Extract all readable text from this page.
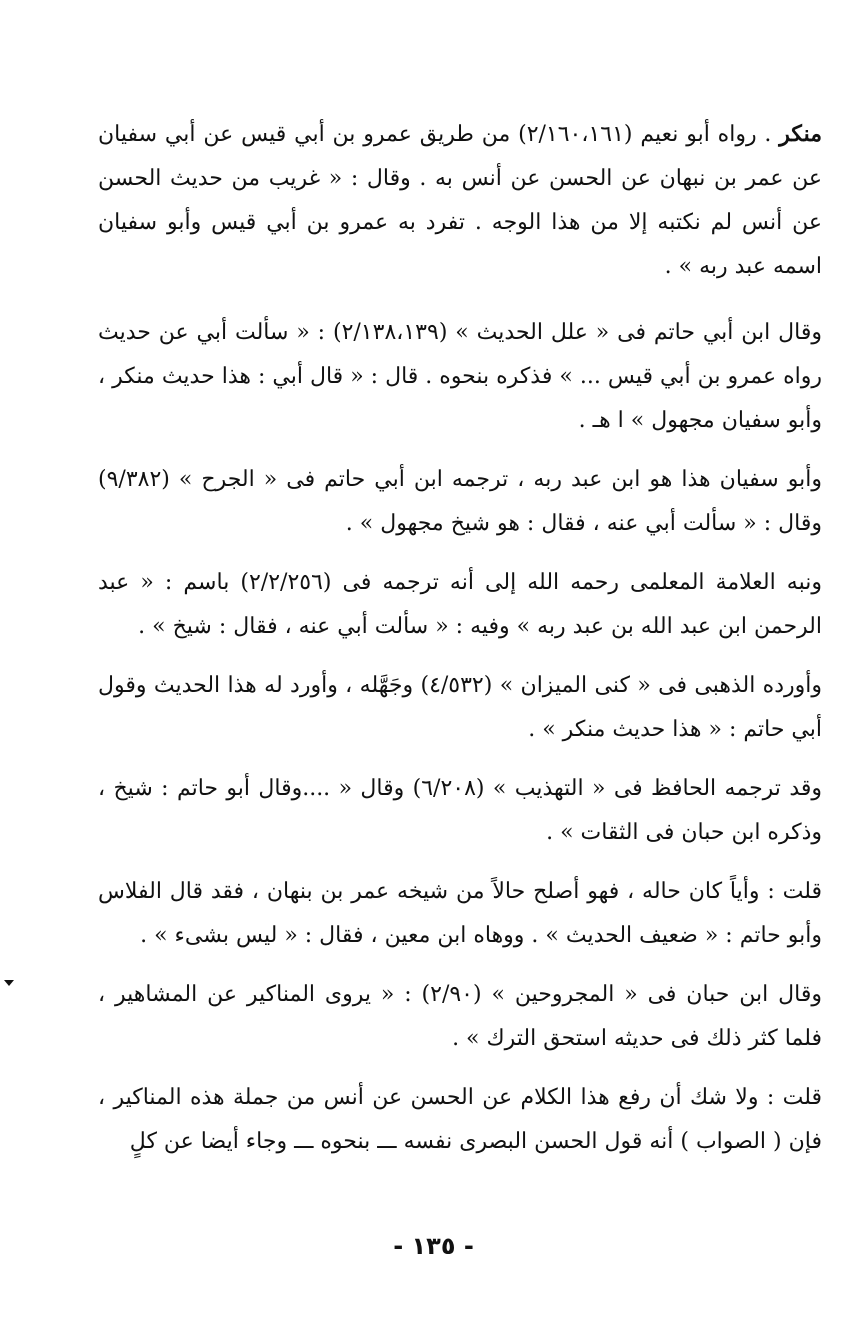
منكر . رواه أبو نعيم (٢/١٦٠،١٦١) من طريق عمرو بن أبي قيس عن أبي سفيان عن عمر بن نبهان عن الحسن عن أنس به . وقال : « غريب من حديث الحسن عن أنس لم نكتبه إلا من هذا الوجه . تفرد به عمرو بن أبي قيس وأبو سفيان اسمه عبد ربه » .

وقال ابن أبي حاتم فى « علل الحديث » (٢/١٣٨،١٣٩) : « سألت أبي عن حديث رواه عمرو بن أبي قيس ... » فذكره بنحوه . قال : « قال أبي : هذا حديث منكر ، وأبو سفيان مجهول » ا هـ .

وأبو سفيان هذا هو ابن عبد ربه ، ترجمه ابن أبي حاتم فى « الجرح » (٩/٣٨٢) وقال : « سألت أبي عنه ، فقال : هو شيخ مجهول » .

ونبه العلامة المعلمى رحمه الله إلى أنه ترجمه فى (٢/٢/٢٥٦) باسم : « عبد الرحمن ابن عبد الله بن عبد ربه » وفيه : « سألت أبي عنه ، فقال : شيخ » .

وأورده الذهبى فى « كنى الميزان » (٤/٥٣٢) وجَهَّله ، وأورد له هذا الحديث وقول أبي حاتم : « هذا حديث منكر » .

وقد ترجمه الحافظ فى « التهذيب » (٦/٢٠٨) وقال « ....وقال أبو حاتم : شيخ ، وذكره ابن حبان فى الثقات » .

قلت : وأياً كان حاله ، فهو أصلح حالاً من شيخه عمر بن بنهان ، فقد قال الفلاس وأبو حاتم : « ضعيف الحديث » . ووهاه ابن معين ، فقال : « ليس بشىء » .

وقال ابن حبان فى « المجروحين » (٢/٩٠) : « يروى المناكير عن المشاهير ، فلما كثر ذلك فى حديثه استحق الترك » .

قلت : ولا شك أن رفع هذا الكلام عن الحسن عن أنس من جملة هذه المناكير ، فإن ( الصواب ) أنه قول الحسن البصرى نفسه ـــ بنحوه ـــ وجاء أيضا عن كلٍ

- ١٣٥ -
